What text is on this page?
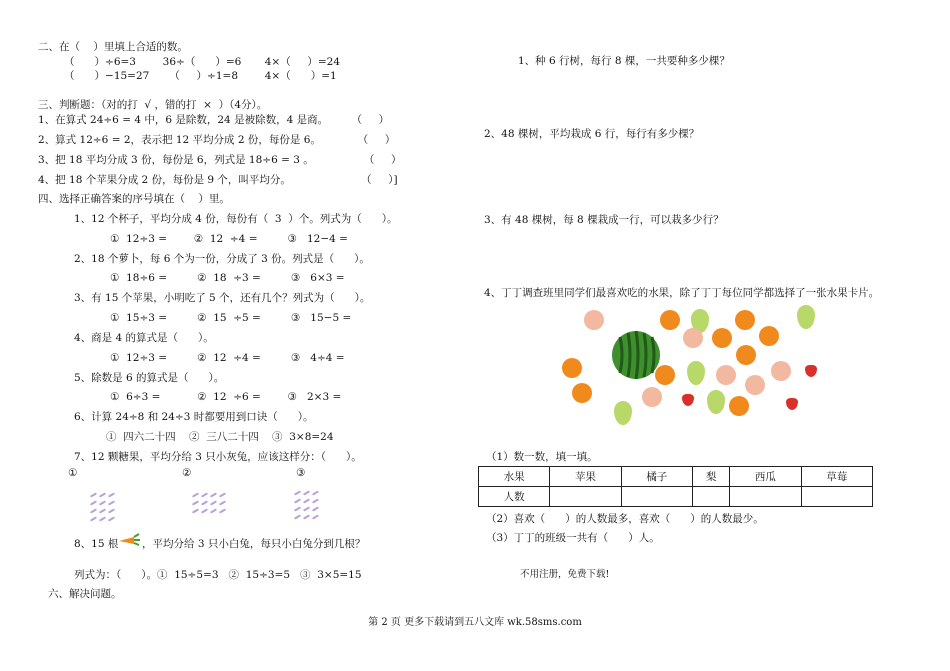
二、在（    ）里填上合适的数。
（      ）÷6=3        36÷（      ）=6       4×（     ）=24
（      ）−15=27      （     ）÷1=8        4×（      ）=1
三、判断题：（对的打  √ ，错的打  ×  ）（4分）。
1、在算式 24÷6 = 4 中，6 是除数，24 是被除数，4 是商。       （     ）
2、算式 12÷6 = 2，表示把 12 平均分成 2 份，每份是 6。           （     ）
3、把 18 平均分成 3 份，每份是 6，列式是 18÷6 = 3 。               （     ）
4、把 18 个苹果分成 2 份，每份是 9 个，叫平均分。                     （     ）]
四、选择正确答案的序号填在（    ）里。
1、12 个杯子，平均分成 4 份，每份有（  3  ）个。列式为（      ）。
①  12÷3 =        ②  12  ÷4 =         ③   12−4 =
2、18 个萝卜，每 6 个为一份，分成了 3 份。列式是（      ）。
①  18÷6 =         ②  18  ÷3 =         ③   6×3 =
3、有 15 个苹果，小明吃了 5 个，还有几个？列式为（      ）。
①  15÷3 =         ②  15  ÷5 =         ③   15−5 =
4、商是 4 的算式是（      ）。
①  12÷3 =         ②  12  ÷4 =         ③   4÷4 =
5、除数是 6 的算式是（      ）。
①  6÷3 =           ②  12  ÷6 =        ③   2×3 =
6、计算 24÷8 和 24÷3 时都要用到口诀（      ）。
①  四六二十四    ②  三八二十四    ③  3×8=24
7、12 颗糖果，平均分给 3 只小灰兔，应该这样分：（      ）。
①	②	③
8、15 根 ，平均分给 3 只小白兔，每只小白兔分到几根？
列式为：（      ）。①  15÷5=3   ②  15÷3=5   ③  3×5=15
六、解决问题。
1、种 6 行树，每行 8 棵，一共要种多少棵？
2、48 棵树，平均栽成 6 行，每行有多少棵？
3、有 48 棵树，每 8 棵栽成一行，可以栽多少行？
4、丁丁调查班里同学们最喜欢吃的水果，除了丁丁每位同学都选择了一张水果卡片。
（1）数一数，填一填。
水果	苹果	橘子	梨	西瓜	草莓
人数					
（2）喜欢（      ）的人数最多，喜欢（      ）的人数最少。
（3）丁丁的班级一共有（      ）人。
不用注册，免费下载!
第 2 页 更多下载请到五八文库 wk.58sms.com
